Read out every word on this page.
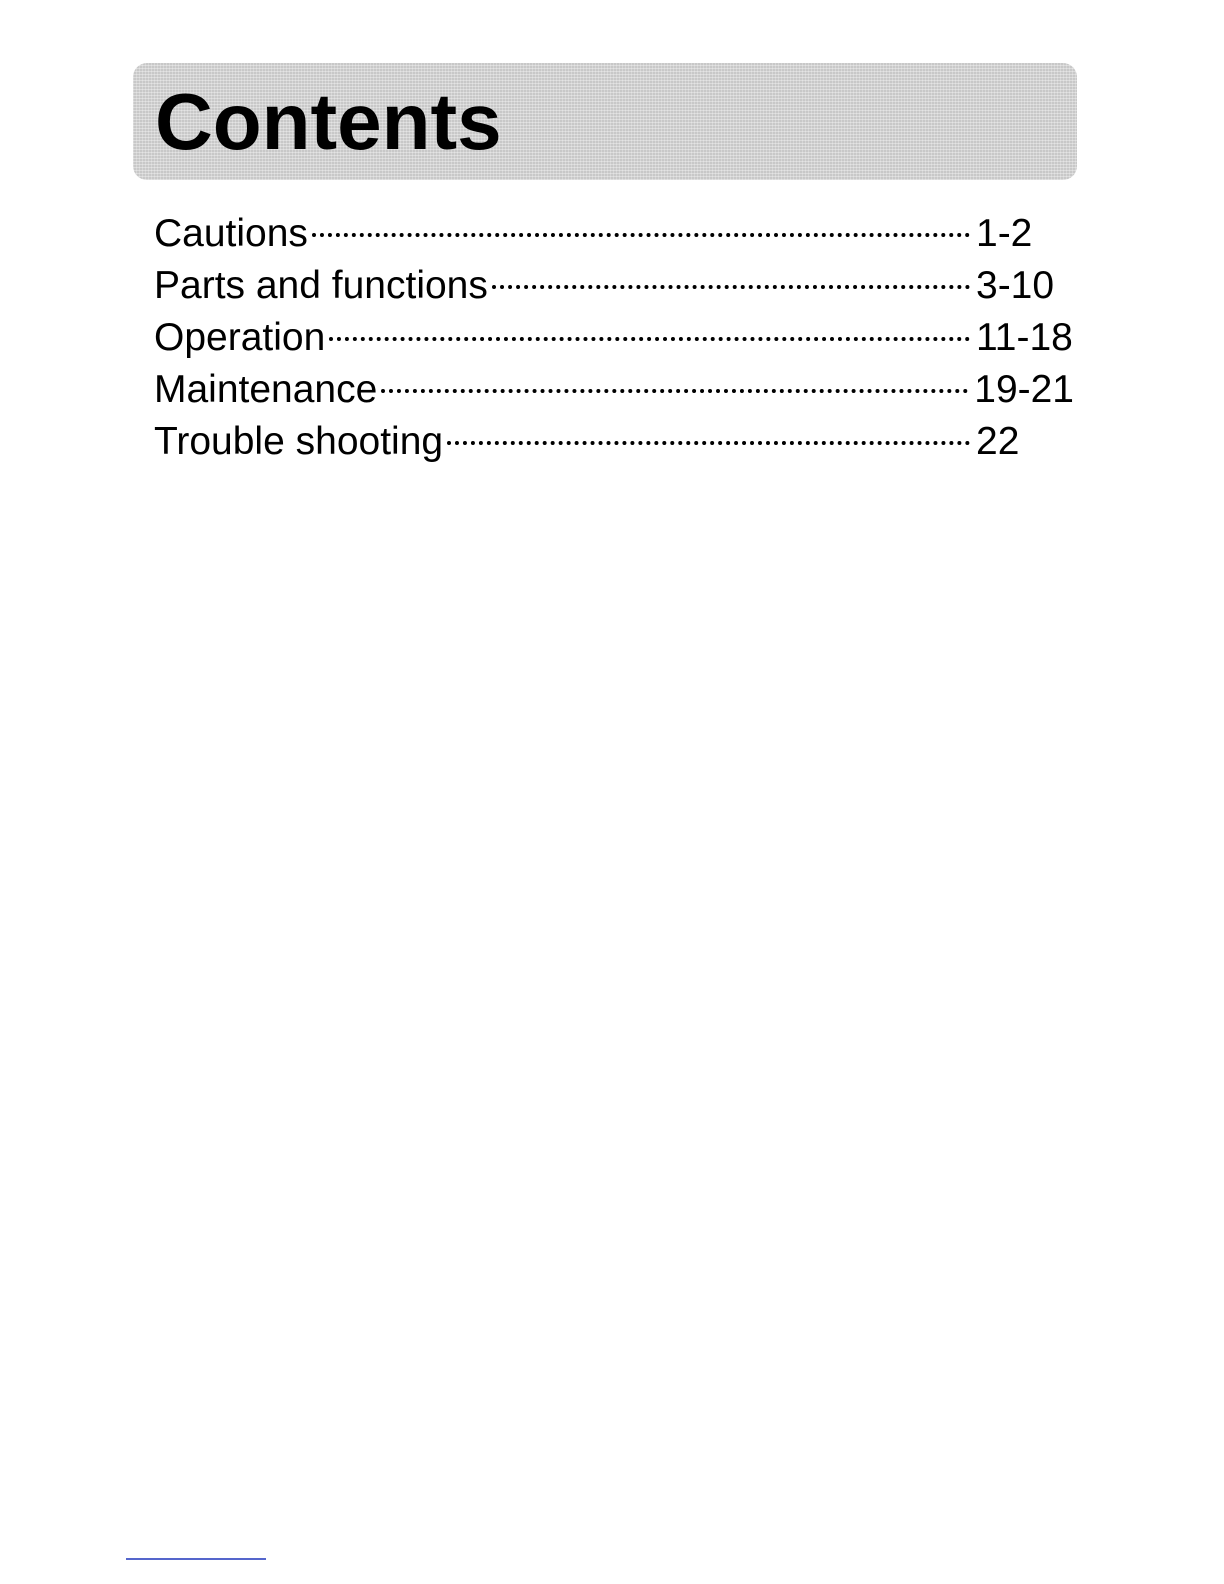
Contents
Cautions	1-2
Parts and functions	3-10
Operation	11-18
Maintenance	19-21
Trouble shooting	22
